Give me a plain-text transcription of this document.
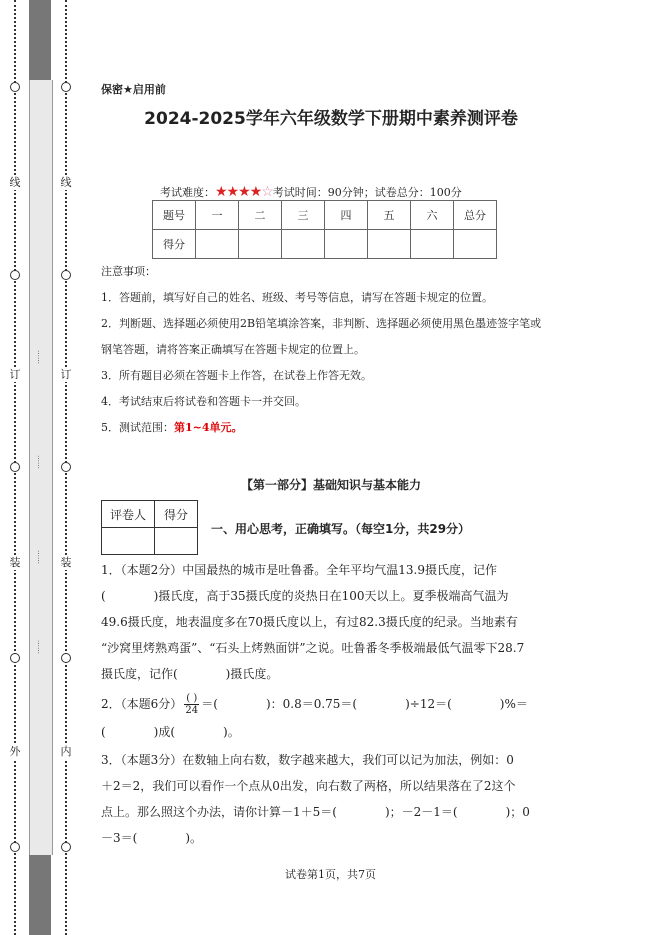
线
订
装
外
线
订
装
内
……
……
……
……
保密★启用前
2024-2025学年六年级数学下册期中素养测评卷
考试难度：★★★★☆考试时间：90分钟；试卷总分：100分
题号	一	二	三	四	五	六	总分
得分							

注意事项：

1．答题前，填写好自己的姓名、班级、考号等信息，请写在答题卡规定的位置。

2．判断题、选择题必须使用2B铅笔填涂答案，非判断、选择题必须使用黑色墨迹签字笔或

钢笔答题，请将答案正确填写在答题卡规定的位置上。

3．所有题目必须在答题卡上作答，在试卷上作答无效。

4．考试结束后将试卷和答题卡一并交回。

5．测试范围：第1~4单元。

【第一部分】基础知识与基本能力
评卷人	得分

一、用心思考，正确填写。（每空1分，共29分）
1．（本题2分）中国最热的城市是吐鲁番。全年平均气温13.9摄氏度，记作
(　　　　)摄氏度，高于35摄氏度的炎热日在100天以上。夏季极端高气温为
49.6摄氏度，地表温度多在70摄氏度以上，有过82.3摄氏度的纪录。当地素有
“沙窝里烤熟鸡蛋”、“石头上烤熟面饼”之说。吐鲁番冬季极端最低气温零下28.7
摄氏度，记作(　　　　)摄氏度。
2．（本题6分） $\frac{( )}{24}$ ＝(　　　　)：0.8＝0.75＝(　　　　)÷12＝(　　　　)%＝
(　　　　)成(　　　　)。
3．（本题3分）在数轴上向右数，数字越来越大，我们可以记为加法，例如：0
＋2＝2，我们可以看作一个点从0出发，向右数了两格，所以结果落在了2这个
点上。那么照这个办法，请你计算－1＋5＝(　　　　)；－2－1＝(　　　　)；0
－3＝(　　　　)。
试卷第1页，共7页
